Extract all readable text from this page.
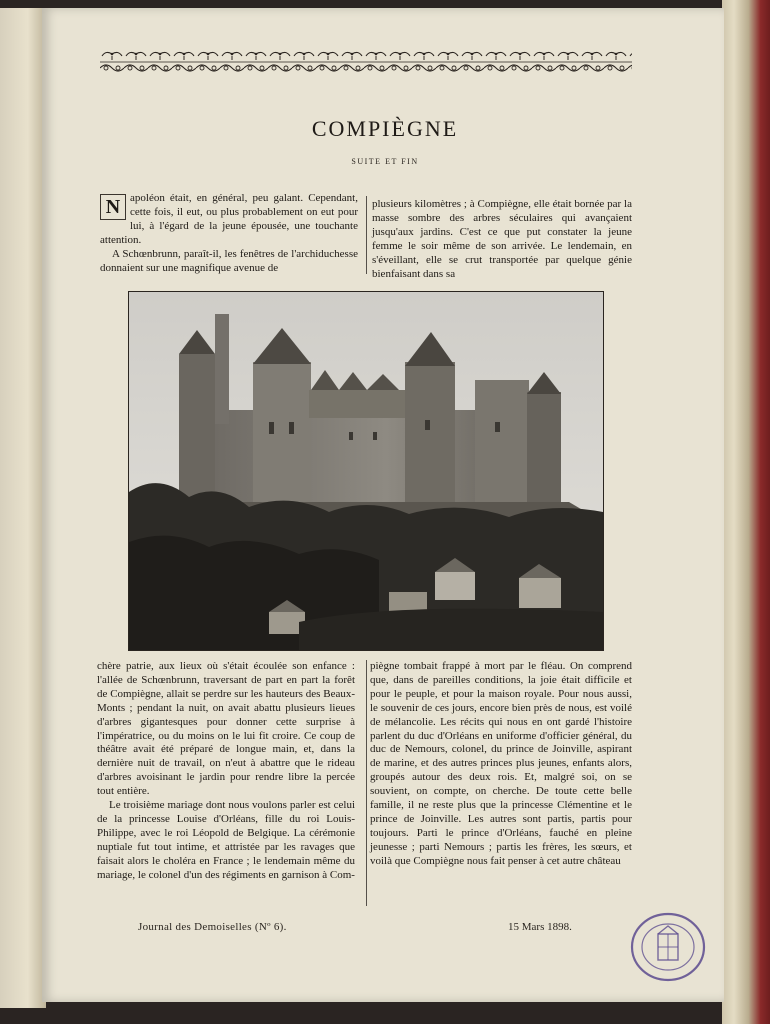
COMPIÈGNE
SUITE ET FIN

N apoléon était, en général, peu galant. Cependant, cette fois, il eut, ou plus probablement on eut pour lui, à l'égard de la jeune épousée, une touchante attention.

A Schœnbrunn, paraît-il, les fenêtres de l'archiduchesse donnaient sur une magnifique avenue de

plusieurs kilomètres ; à Compiègne, elle était bornée par la masse sombre des arbres séculaires qui avançaient jusqu'aux jardins. C'est ce que put constater la jeune femme le soir même de son arrivée. Le lendemain, en s'éveillant, elle se crut transportée par quelque génie bienfaisant dans sa

chère patrie, aux lieux où s'était écoulée son enfance : l'allée de Schœnbrunn, traversant de part en part la forêt de Compiègne, allait se perdre sur les hauteurs des Beaux-Monts ; pendant la nuit, on avait abattu plusieurs lieues d'arbres gigantesques pour donner cette surprise à l'impératrice, ou du moins on le lui fit croire. Ce coup de théâtre avait été préparé de longue main, et, dans la dernière nuit de travail, on n'eut à abattre que le rideau d'arbres avoisinant le jardin pour rendre libre la percée tout entière.

Le troisième mariage dont nous voulons parler est celui de la princesse Louise d'Orléans, fille du roi Louis-Philippe, avec le roi Léopold de Belgique. La cérémonie nuptiale fut tout intime, et attristée par les ravages que faisait alors le choléra en France ; le lendemain même du mariage, le colonel d'un des régiments en garnison à Com-

piègne tombait frappé à mort par le fléau. On comprend que, dans de pareilles conditions, la joie était difficile et pour le peuple, et pour la maison royale. Pour nous aussi, le souvenir de ces jours, encore bien près de nous, est voilé de mélancolie. Les récits qui nous en ont gardé l'histoire parlent du duc d'Orléans en uniforme d'officier général, du duc de Nemours, colonel, du prince de Joinville, aspirant de marine, et des autres princes plus jeunes, enfants alors, groupés autour des deux rois. Et, malgré soi, on se souvient, on compte, on cherche. De toute cette belle famille, il ne reste plus que la princesse Clémentine et le prince de Joinville. Les autres sont partis, partis pour toujours. Parti le prince d'Orléans, fauché en pleine jeunesse ; parti Nemours ; partis les frères, les sœurs, et voilà que Compiègne nous fait penser à cet autre château

Journal des Demoiselles (Nº 6).	15 Mars 1898.
